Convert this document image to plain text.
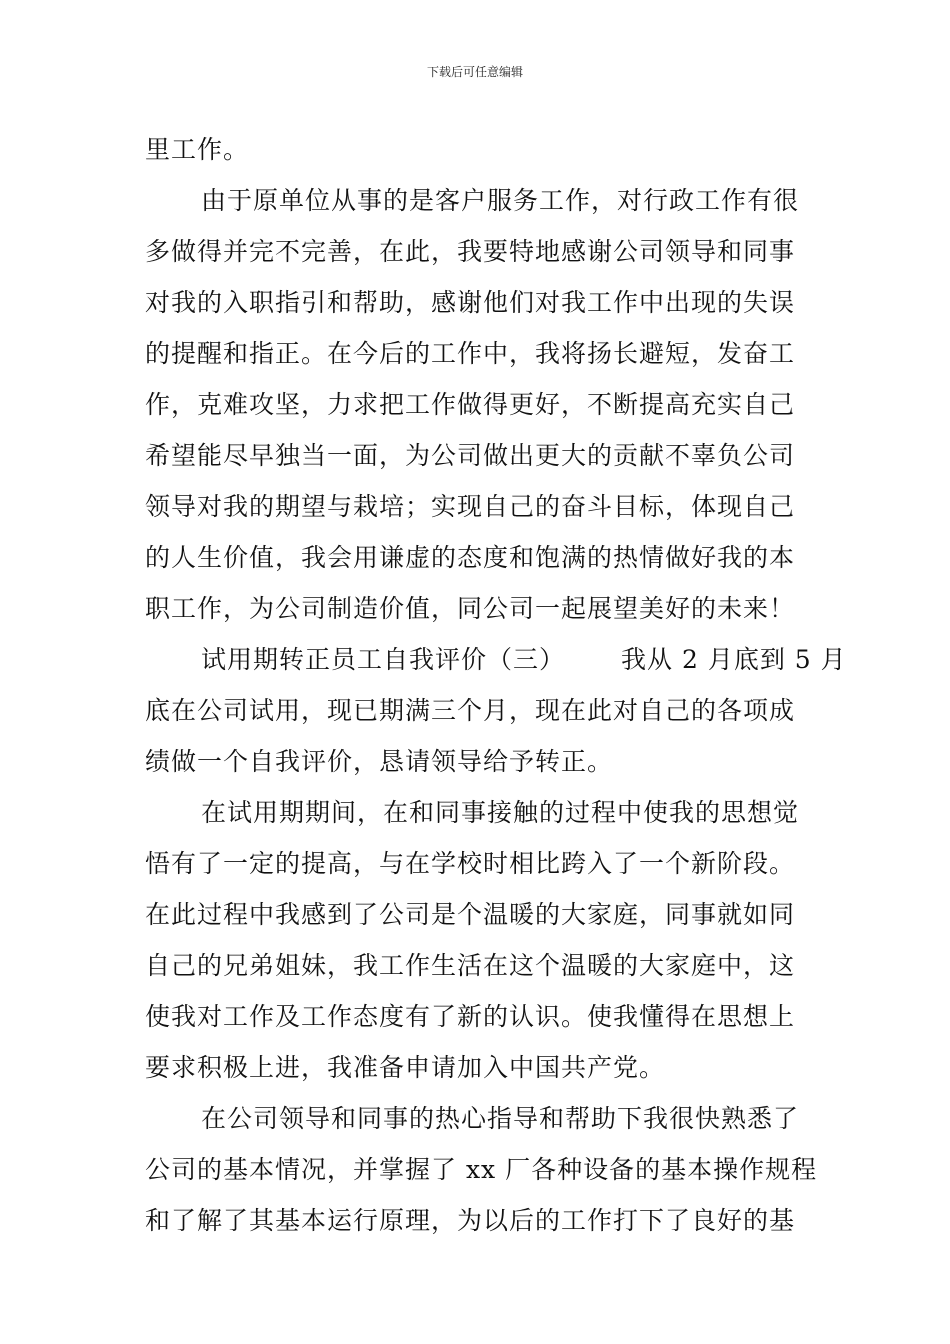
下载后可任意编辑
里工作。
由于原单位从事的是客户服务工作，对行政工作有很
多做得并完不完善，在此，我要特地感谢公司领导和同事
对我的入职指引和帮助，感谢他们对我工作中出现的失误
的提醒和指正。在今后的工作中，我将扬长避短，发奋工
作，克难攻坚，力求把工作做得更好，不断提高充实自己
希望能尽早独当一面，为公司做出更大的贡献不辜负公司
领导对我的期望与栽培；实现自己的奋斗目标，体现自己
的人生价值，我会用谦虚的态度和饱满的热情做好我的本
职工作，为公司制造价值，同公司一起展望美好的未来！
试用期转正员工自我评价（三） 我从 2 月底到 5 月
底在公司试用，现已期满三个月，现在此对自己的各项成
绩做一个自我评价，恳请领导给予转正。
在试用期期间，在和同事接触的过程中使我的思想觉
悟有了一定的提高，与在学校时相比跨入了一个新阶段。
在此过程中我感到了公司是个温暖的大家庭，同事就如同
自己的兄弟姐妹，我工作生活在这个温暖的大家庭中，这
使我对工作及工作态度有了新的认识。使我懂得在思想上
要求积极上进，我准备申请加入中国共产党。
在公司领导和同事的热心指导和帮助下我很快熟悉了
公司的基本情况，并掌握了 xx 厂各种设备的基本操作规程
和了解了其基本运行原理，为以后的工作打下了良好的基
